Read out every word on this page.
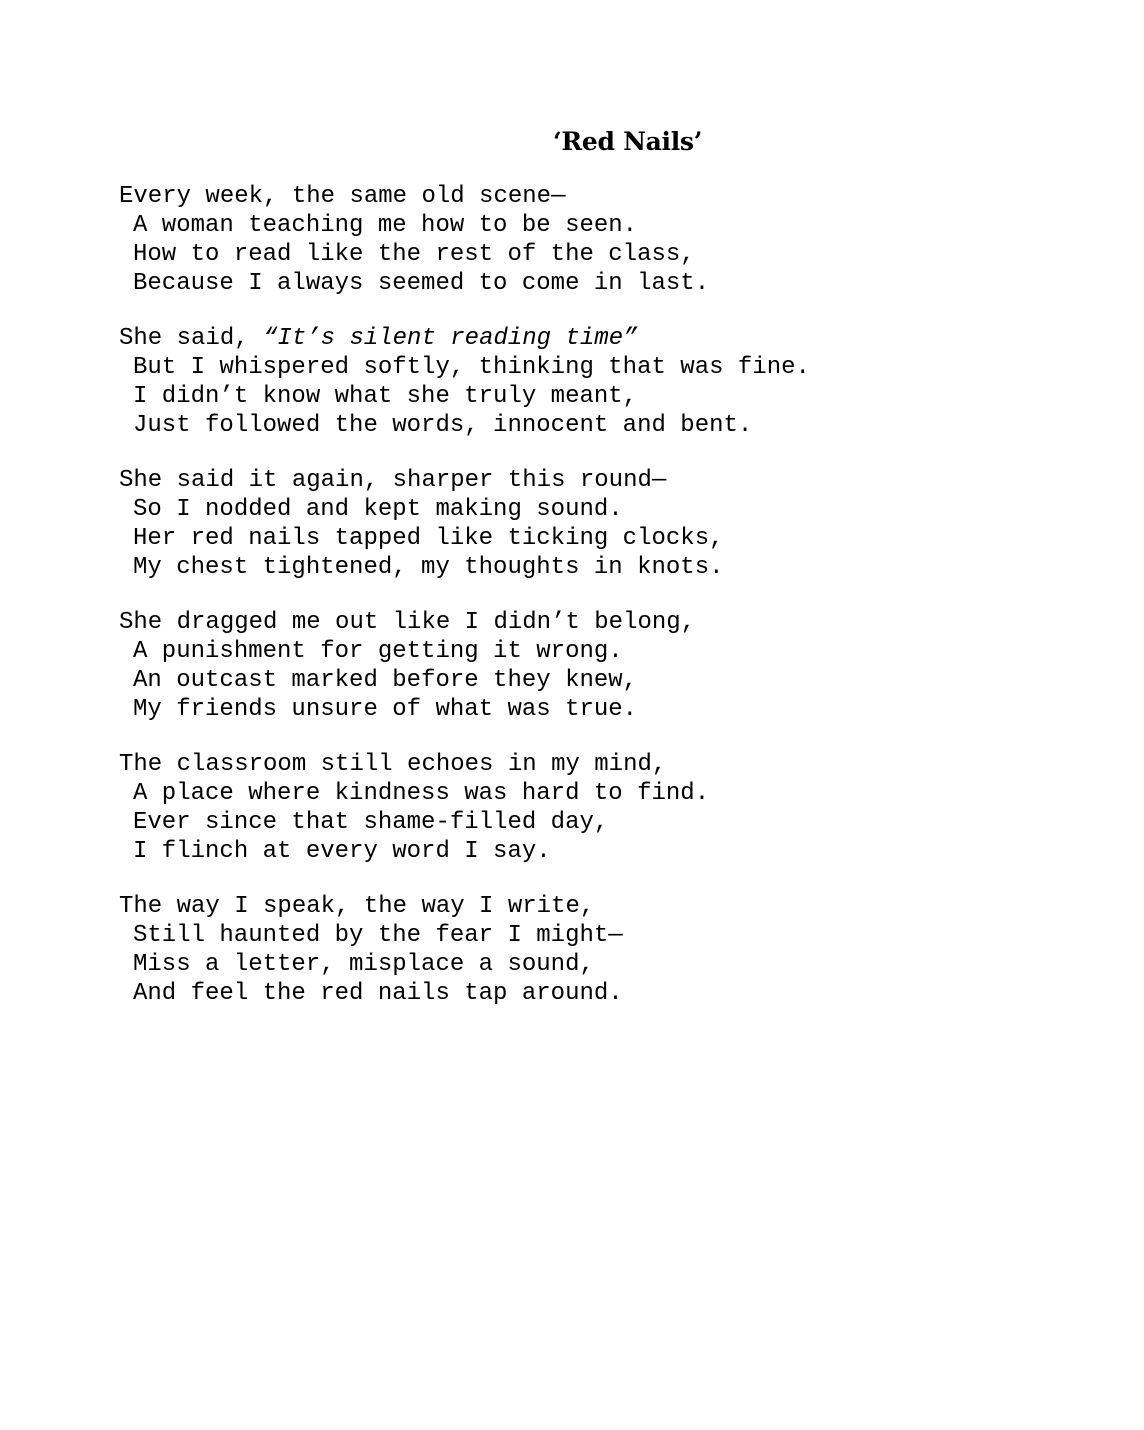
‘Red Nails’
Every week, the same old scene—
A woman teaching me how to be seen.
How to read like the rest of the class,
Because I always seemed to come in last.
She said, “It’s silent reading time”
But I whispered softly, thinking that was fine.
I didn’t know what she truly meant,
Just followed the words, innocent and bent.
She said it again, sharper this round—
So I nodded and kept making sound.
Her red nails tapped like ticking clocks,
My chest tightened, my thoughts in knots.
She dragged me out like I didn’t belong,
A punishment for getting it wrong.
An outcast marked before they knew,
My friends unsure of what was true.
The classroom still echoes in my mind,
A place where kindness was hard to find.
Ever since that shame-filled day,
I flinch at every word I say.
The way I speak, the way I write,
Still haunted by the fear I might—
Miss a letter, misplace a sound,
And feel the red nails tap around.
